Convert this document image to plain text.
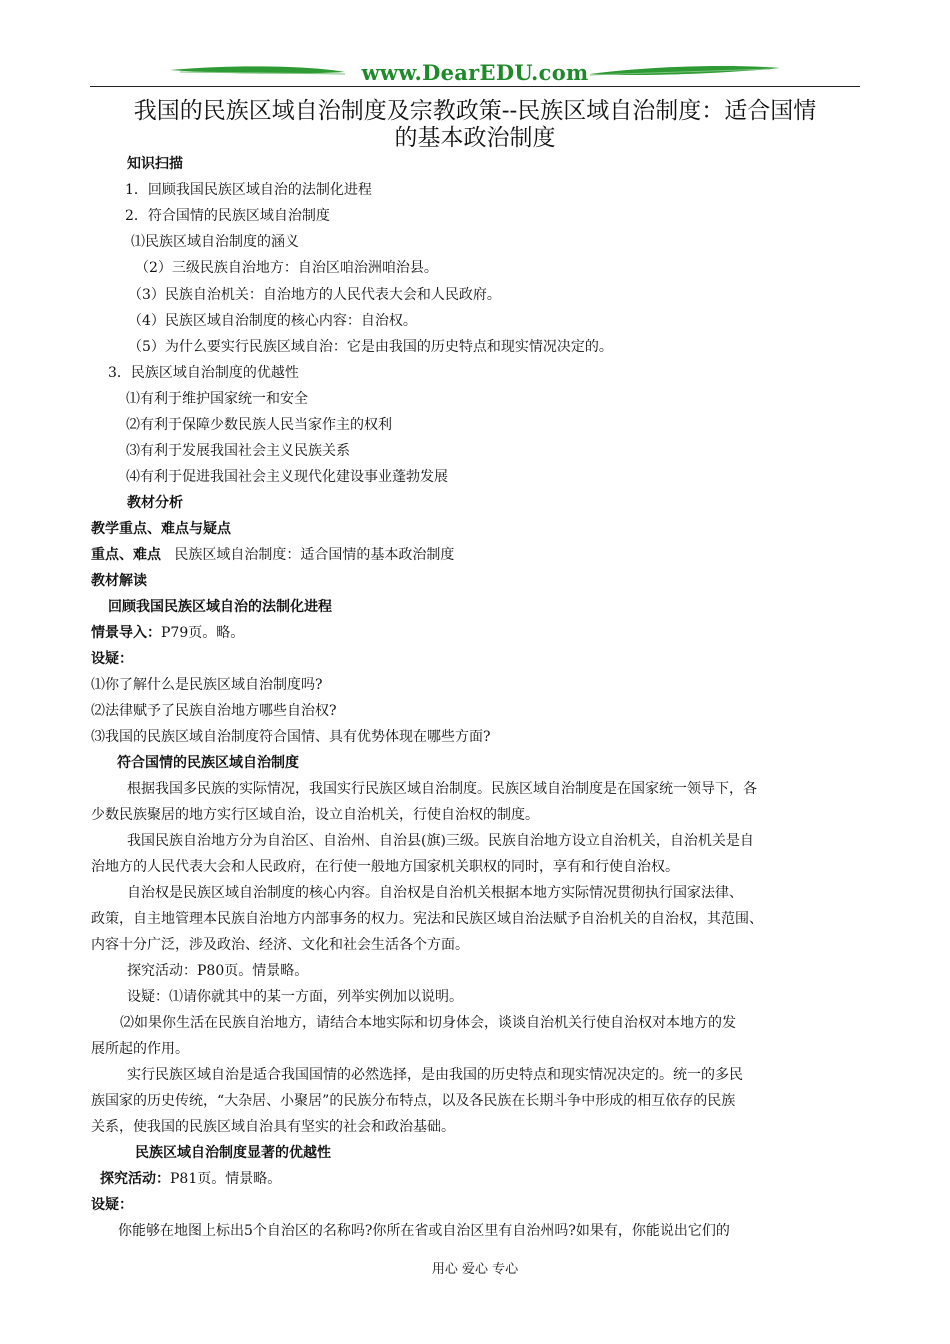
www.DearEDU.com
我国的民族区域自治制度及宗教政策--民族区域自治制度：适合国情
的基本政治制度
知识扫描
1．回顾我国民族区域自治的法制化进程
2．符合国情的民族区域自治制度
⑴民族区域自治制度的涵义
（2）三级民族自治地方：自治区咱治洲咱治县。
（3）民族自治机关：自治地方的人民代表大会和人民政府。
（4）民族区域自治制度的核心内容：自治权。
（5）为什么要实行民族区域自治：它是由我国的历史特点和现实情况决定的。
3．民族区域自治制度的优越性
⑴有利于维护国家统一和安全
⑵有利于保障少数民族人民当家作主的权利
⑶有利于发展我国社会主义民族关系
⑷有利于促进我国社会主义现代化建设事业蓬勃发展
教材分析
教学重点、难点与疑点
重点、难点 民族区域自治制度：适合国情的基本政治制度
教材解读
回顾我国民族区域自治的法制化进程
情景导入：P79页。略。
设疑：
⑴你了解什么是民族区域自治制度吗?
⑵法律赋予了民族自治地方哪些自治权?
⑶我国的民族区域自治制度符合国情、具有优势体现在哪些方面?
符合国情的民族区域自治制度
根据我国多民族的实际情况，我国实行民族区域自治制度。民族区域自治制度是在国家统一领导下，各
少数民族聚居的地方实行区域自治，设立自治机关，行使自治权的制度。
我国民族自治地方分为自治区、自治州、自治县(旗)三级。民族自治地方设立自治机关，自治机关是自
治地方的人民代表大会和人民政府，在行使一般地方国家机关职权的同时，享有和行使自治权。
自治权是民族区域自治制度的核心内容。自治权是自治机关根据本地方实际情况贯彻执行国家法律、
政策，自主地管理本民族自治地方内部事务的权力。宪法和民族区域自治法赋予自治机关的自治权，其范围、
内容十分广泛，涉及政治、经济、文化和社会生活各个方面。
探究活动：P80页。情景略。
设疑：⑴请你就其中的某一方面，列举实例加以说明。
⑵如果你生活在民族自治地方，请结合本地实际和切身体会，谈谈自治机关行使自治权对本地方的发
展所起的作用。
实行民族区域自治是适合我国国情的必然选择，是由我国的历史特点和现实情况决定的。统一的多民
族国家的历史传统，“大杂居、小聚居”的民族分布特点，以及各民族在长期斗争中形成的相互依存的民族
关系，使我国的民族区域自治具有坚实的社会和政治基础。
民族区域自治制度显著的优越性
探究活动：P81页。情景略。
设疑：
你能够在地图上标出5个自治区的名称吗?你所在省或自治区里有自治州吗?如果有，你能说出它们的
用心 爱心 专心
